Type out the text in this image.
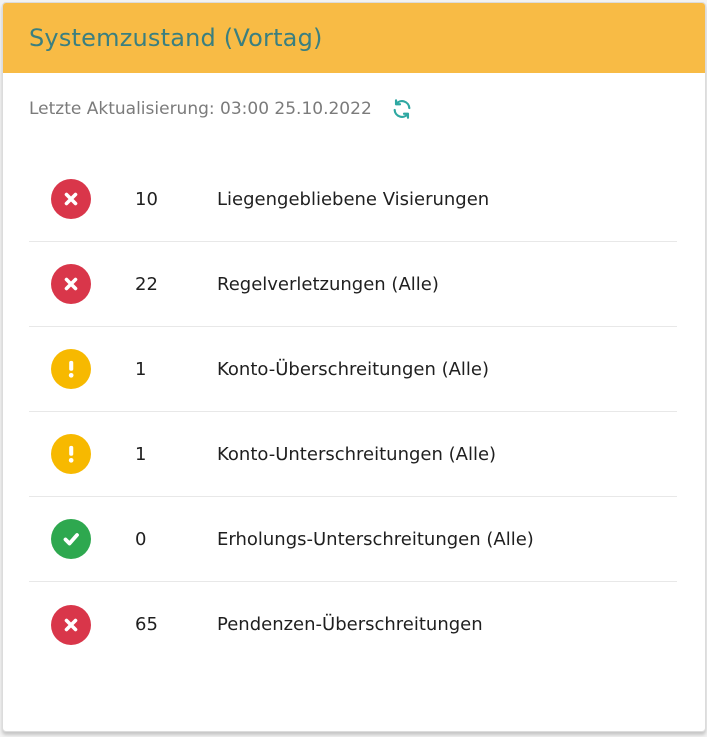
Systemzustand (Vortag)
Letzte Aktualisierung: 03:00 25.10.2022
10	Liegengebliebene Visierungen
22	Regelverletzungen (Alle)
1	Konto-Überschreitungen (Alle)
1	Konto-Unterschreitungen (Alle)
0	Erholungs-Unterschreitungen (Alle)
65	Pendenzen-Überschreitungen
